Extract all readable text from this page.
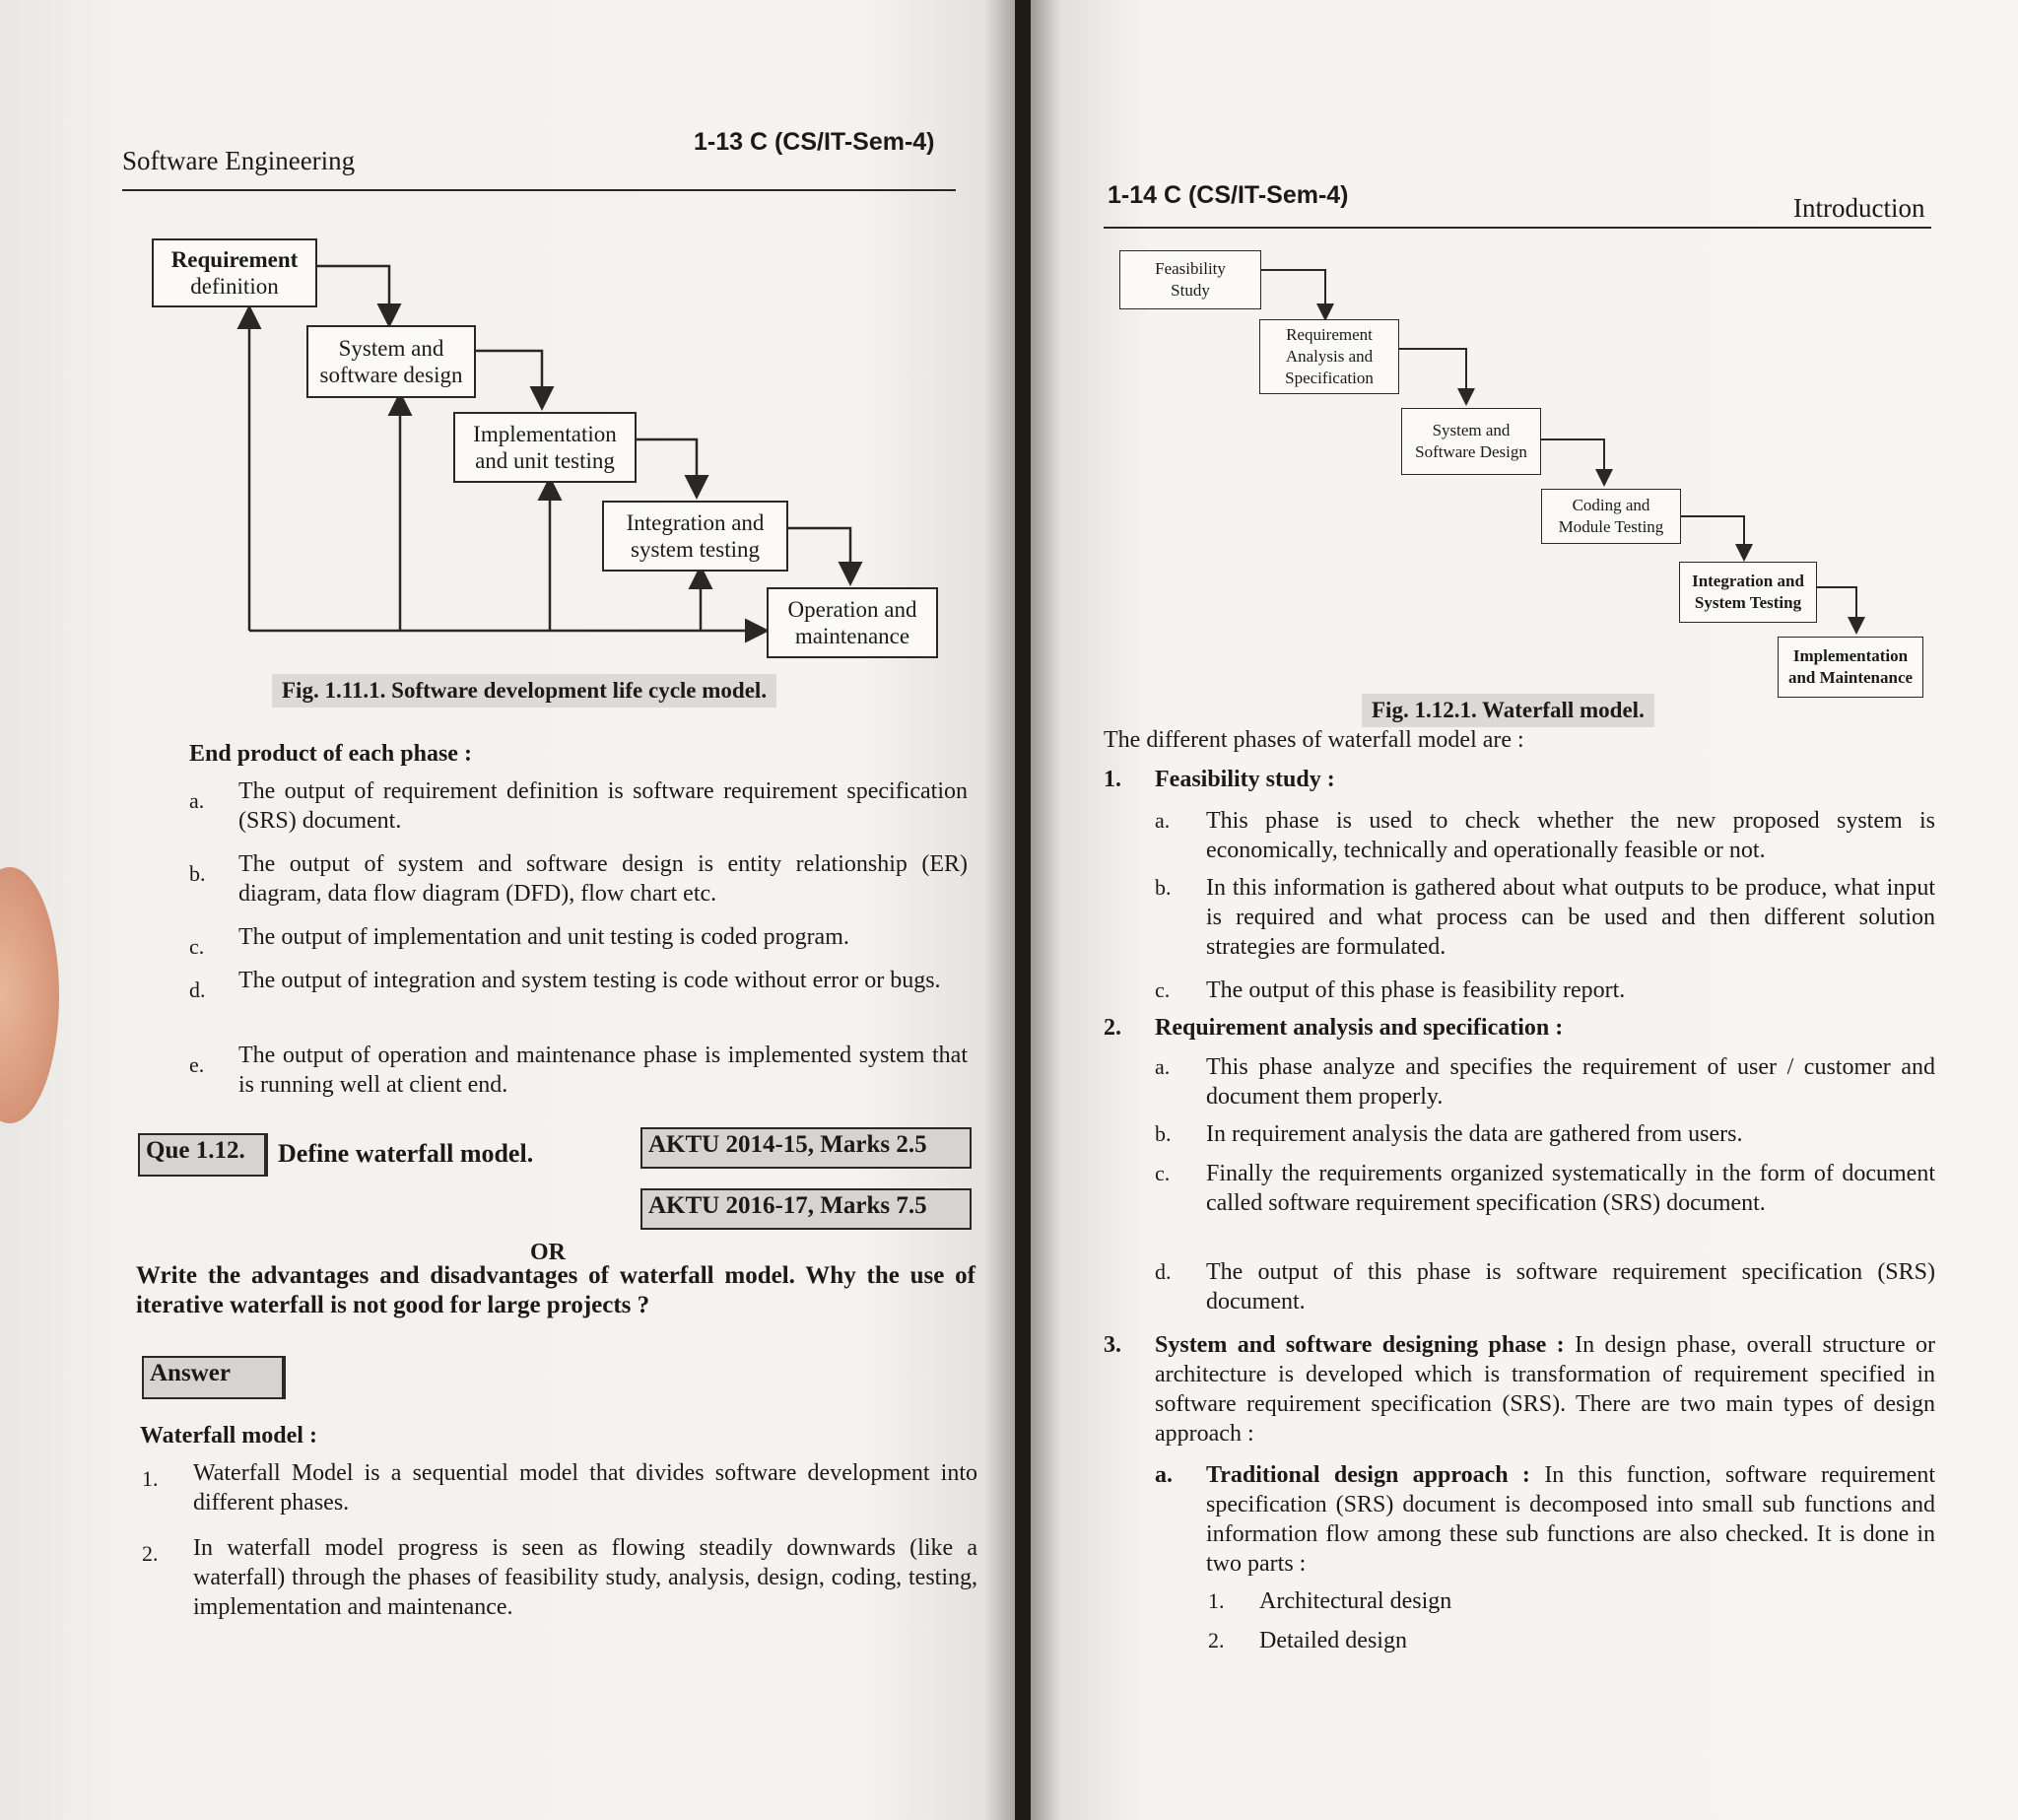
Software Engineering
1-13 C (CS/IT-Sem-4)
Requirement
definition
System and
software design
Implementation
and unit testing
Integration and
system testing
Operation and
maintenance
Fig. 1.11.1. Software development life cycle model.
End product of each phase :
a. The output of requirement definition is software requirement specification (SRS) document.
b. The output of system and software design is entity relationship (ER) diagram, data flow diagram (DFD), flow chart etc.
c. The output of implementation and unit testing is coded program.
d. The output of integration and system testing is code without error or bugs.
e. The output of operation and maintenance phase is implemented system that is running well at client end.
Que 1.12.	Define waterfall model.	AKTU 2014-15, Marks 2.5
AKTU 2016-17, Marks 7.5
OR
Write the advantages and disadvantages of waterfall model. Why the use of iterative waterfall is not good for large projects ?
Answer
Waterfall model :
1. Waterfall Model is a sequential model that divides software development into different phases.
2. In waterfall model progress is seen as flowing steadily downwards (like a waterfall) through the phases of feasibility study, analysis, design, coding, testing, implementation and maintenance.
1-14 C (CS/IT-Sem-4)	Introduction
Feasibility
Study
Requirement
Analysis and
Specification
System and
Software Design
Coding and
Module Testing
Integration and
System Testing
Implementation
and Maintenance
Fig. 1.12.1. Waterfall model.
The different phases of waterfall model are :
1. Feasibility study :
a. This phase is used to check whether the new proposed system is economically, technically and operationally feasible or not.
b. In this information is gathered about what outputs to be produce, what input is required and what process can be used and then different solution strategies are formulated.
c. The output of this phase is feasibility report.
2. Requirement analysis and specification :
a. This phase analyze and specifies the requirement of user / customer and document them properly.
b. In requirement analysis the data are gathered from users.
c. Finally the requirements organized systematically in the form of document called software requirement specification (SRS) document.
d. The output of this phase is software requirement specification (SRS) document.
3. System and software designing phase : In design phase, overall structure or architecture is developed which is transformation of requirement specified in software requirement specification (SRS). There are two main types of design approach :
a. Traditional design approach : In this function, software requirement specification (SRS) document is decomposed into small sub functions and information flow among these sub functions are also checked. It is done in two parts :
1. Architectural design
2. Detailed design
